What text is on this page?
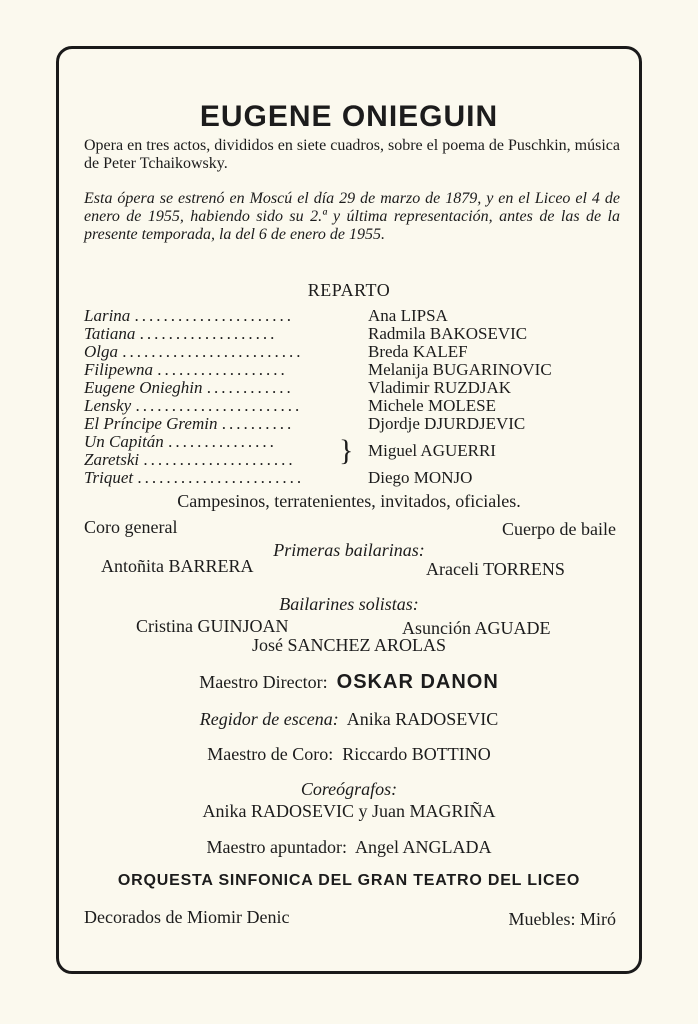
EUGENE ONIEGUIN
Opera en tres actos, divididos en siete cuadros, sobre el poema de Puschkin, música de Peter Tchaikowsky.
Esta ópera se estrenó en Moscú el día 29 de marzo de 1879, y en el Liceo el 4 de enero de 1955, habiendo sido su 2.ª y última representación, antes de las de la presente temporada, la del 6 de enero de 1955.
REPARTO
Larina ......................	Ana LIPSA
Tatiana ...................	Radmila BAKOSEVIC
Olga .........................	Breda KALEF
Filipewna ..................	Melanija BUGARINOVIC
Eugene Onieghin ............	Vladimir RUZDJAK
Lensky .......................	Michele MOLESE
El Príncipe Gremin ..........	Djordje DJURDJEVIC
Un Capitán ...............
Zaretski ..................... } Miguel AGUERRI
Triquet .......................	Diego MONJO
Campesinos, terratenientes, invitados, oficiales.
Coro general	Cuerpo de baile
Primeras bailarinas:
Antoñita BARRERA	Araceli TORRENS
Bailarines solistas:
Cristina GUINJOAN	Asunción AGUADE
José SANCHEZ AROLAS
Maestro Director: OSKAR DANON
Regidor de escena: Anika RADOSEVIC
Maestro de Coro: Riccardo BOTTINO
Coreógrafos:
Anika RADOSEVIC y Juan MAGRIÑA
Maestro apuntador: Angel ANGLADA
ORQUESTA SINFONICA DEL GRAN TEATRO DEL LICEO
Decorados de Miomir Denic	Muebles: Miró
